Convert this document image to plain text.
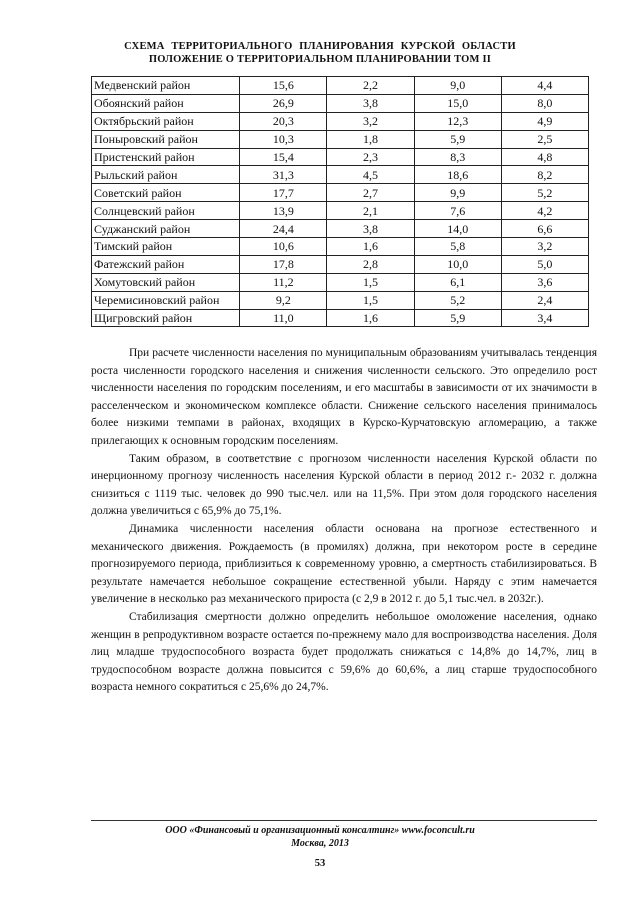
СХЕМА ТЕРРИТОРИАЛЬНОГО ПЛАНИРОВАНИЯ КУРСКОЙ ОБЛАСТИ
ПОЛОЖЕНИЕ О ТЕРРИТОРИАЛЬНОМ ПЛАНИРОВАНИИ ТОМ II
Медвенский район	15,6	2,2	9,0	4,4
Обоянский район	26,9	3,8	15,0	8,0
Октябрьский район	20,3	3,2	12,3	4,9
Поныровский район	10,3	1,8	5,9	2,5
Пристенский район	15,4	2,3	8,3	4,8
Рыльский район	31,3	4,5	18,6	8,2
Советский район	17,7	2,7	9,9	5,2
Солнцевский район	13,9	2,1	7,6	4,2
Суджанский район	24,4	3,8	14,0	6,6
Тимский район	10,6	1,6	5,8	3,2
Фатежский район	17,8	2,8	10,0	5,0
Хомутовский район	11,2	1,5	6,1	3,6
Черемисиновский район	9,2	1,5	5,2	2,4
Щигровский район	11,0	1,6	5,9	3,4

При расчете численности населения по муниципальным образованиям учитывалась тенденция роста численности городского населения и снижения численности сельского. Это определило рост численности населения по городским поселениям, и его масштабы в зависимости от их значимости в расселенческом и экономическом комплексе области. Снижение сельского населения принималось более низкими темпами в районах, входящих в Курско-Курчатовскую агломерацию, а также прилегающих к основным городским поселениям.

Таким образом, в соответствие с прогнозом численности населения Курской области по инерционному прогнозу численность населения Курской области в период 2012 г.- 2032 г. должна снизиться с 1119 тыс. человек до 990 тыс.чел. или на 11,5%. При этом доля городского населения должна увеличиться с 65,9% до 75,1%.

Динамика численности населения области основана на прогнозе естественного и механического движения. Рождаемость (в промилях) должна, при некотором росте в середине прогнозируемого периода, приблизиться к современному уровню, а смертность стабилизироваться. В результате намечается небольшое сокращение естественной убыли. Наряду с этим намечается увеличение в несколько раз механического прироста (с 2,9 в 2012 г. до 5,1 тыс.чел. в 2032г.).

Стабилизация смертности должно определить небольшое омоложение населения, однако женщин в репродуктивном возрасте остается по-прежнему мало для воспроизводства населения. Доля лиц младше трудоспособного возраста будет продолжать снижаться с 14,8% до 14,7%, лиц в трудоспособном возрасте должна повысится с 59,6% до 60,6%, а лиц старше трудоспособного возраста немного сократиться с 25,6% до 24,7%.

ООО «Финансовый и организационный консалтинг» www.foconcult.ru
Москва, 2013
53
